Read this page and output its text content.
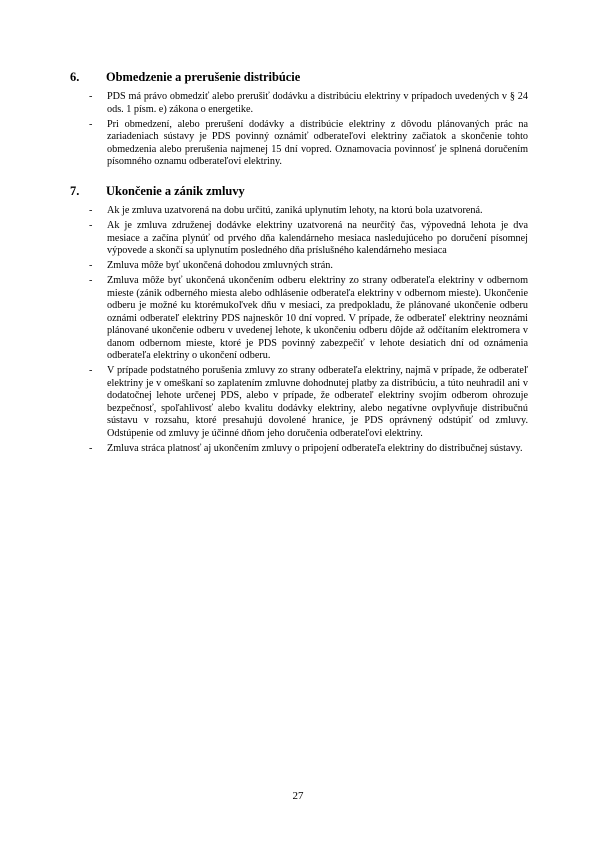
6.	Obmedzenie a prerušenie distribúcie
- PDS má právo obmedziť alebo prerušiť dodávku a distribúciu elektriny v prípadoch uvedených v § 24 ods. 1 písm. e) zákona o energetike.
- Pri obmedzení, alebo prerušení dodávky a distribúcie elektriny z dôvodu plánovaných prác na zariadeniach sústavy je PDS povinný oznámiť odberateľovi elektriny začiatok a skončenie tohto obmedzenia alebo prerušenia najmenej 15 dní vopred. Oznamovacia povinnosť je splnená doručením písomného oznamu odberateľovi elektriny.
7.	Ukončenie a zánik zmluvy
- Ak je zmluva uzatvorená na dobu určitú, zaniká uplynutím lehoty, na ktorú bola uzatvorená.
- Ak je zmluva združenej dodávke elektriny uzatvorená na neurčitý čas, výpovedná lehota je dva mesiace a začína plynúť od prvého dňa kalendárneho mesiaca nasledujúceho po doručení písomnej výpovede a skončí sa uplynutím posledného dňa príslušného kalendárneho mesiaca
- Zmluva môže byť ukončená dohodou zmluvných strán.
- Zmluva môže byť ukončená ukončením odberu elektriny zo strany odberateľa elektriny v odbernom mieste (zánik odberného miesta alebo odhlásenie odberateľa elektriny v odbernom mieste). Ukončenie odberu je možné ku ktorémukoľvek dňu v mesiaci, za predpokladu, že plánované ukončenie odberu oznámi odberateľ elektriny PDS najneskôr 10 dní vopred. V prípade, že odberateľ elektriny neoznámi plánované ukončenie odberu v uvedenej lehote, k ukončeniu odberu dôjde až odčítaním elektromera v danom odbernom mieste, ktoré je PDS povinný zabezpečiť v lehote desiatich dní od oznámenia odberateľa elektriny o ukončení odberu.
- V prípade podstatného porušenia zmluvy zo strany odberateľa elektriny, najmä v prípade, že odberateľ elektriny je v omeškaní so zaplatením zmluvne dohodnutej platby za distribúciu, a túto neuhradil ani v dodatočnej lehote určenej PDS, alebo v prípade, že odberateľ elektriny svojím odberom ohrozuje bezpečnosť, spoľahlivosť alebo kvalitu dodávky elektriny, alebo negatívne ovplyvňuje distribučnú sústavu v rozsahu, ktoré presahujú dovolené hranice, je PDS oprávnený odstúpiť od zmluvy. Odstúpenie od zmluvy je účinné dňom jeho doručenia odberateľovi elektriny.
- Zmluva stráca platnosť aj ukončením zmluvy o pripojení odberateľa elektriny do distribučnej sústavy.
27
